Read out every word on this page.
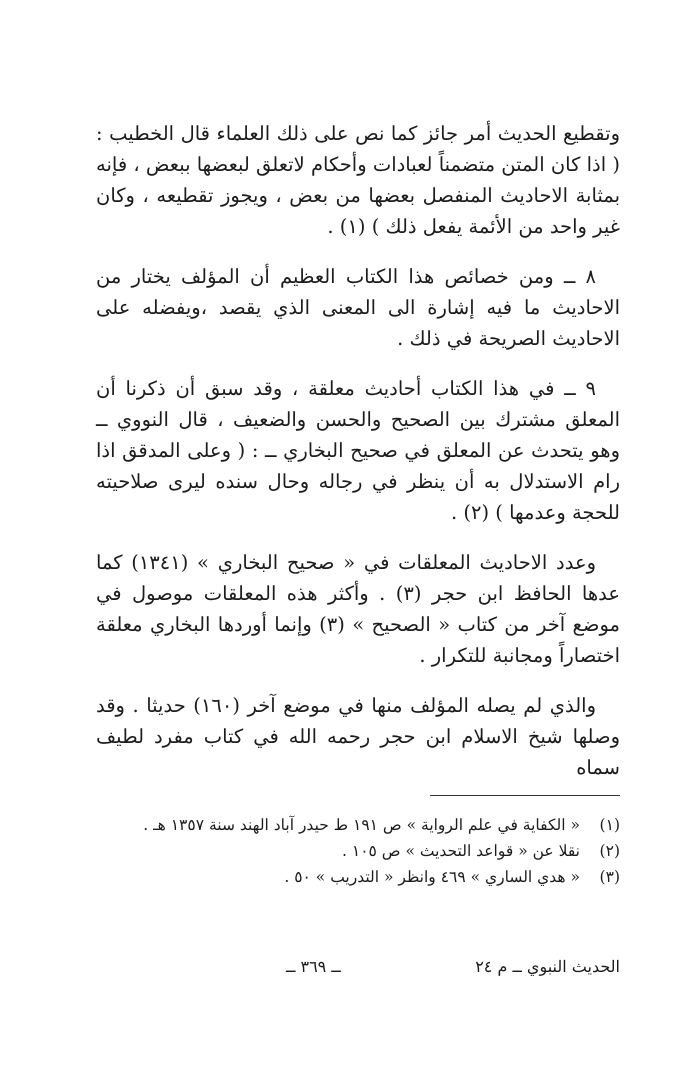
وتقطيع الحديث أمر جائز كما نص على ذلك العلماء قال الخطيب : ( اذا كان المتن متضمناً لعبادات وأحكام لاتعلق لبعضها ببعض ، فإنه بمثابة الاحاديث المنفصل بعضها من بعض ، ويجوز تقطيعه ، وكان غير واحد من الأئمة يفعل ذلك ) (١) .

٨ ــ ومن خصائص هذا الكتاب العظيم أن المؤلف يختار من الاحاديث ما فيه إشارة الى المعنى الذي يقصد ،ويفضله على الاحاديث الصريحة في ذلك .

٩ ــ في هذا الكتاب أحاديث معلقة ، وقد سبق أن ذكرنا أن المعلق مشترك بين الصحيح والحسن والضعيف ، قال النووي ــ وهو يتحدث عن المعلق في صحيح البخاري ــ : ( وعلى المدقق اذا رام الاستدلال به أن ينظر في رجاله وحال سنده ليرى صلاحيته للحجة وعدمها ) (٢) .

وعدد الاحاديث المعلقات في « صحيح البخاري » (١٣٤١) كما عدها الحافظ ابن حجر (٣) . وأكثر هذه المعلقات موصول في موضع آخر من كتاب « الصحيح » (٣) وإنما أوردها البخاري معلقة اختصاراً ومجانبة للتكرار .

والذي لم يصله المؤلف منها في موضع آخر (١٦٠) حديثا . وقد وصلها شيخ الاسلام ابن حجر رحمه الله في كتاب مفرد لطيف سماه

(١)
« الكفاية في علم الرواية » ص ١٩١ ط حيدر آباد الهند سنة ١٣٥٧ هـ .

(٢)
نقلا عن « قواعد التحديث » ص ١٠٥ .

(٣)
« هدي الساري » ٤٦٩ وانظر « التدريب » ٥٠ .

الحديث النبوي ــ م ٢٤
ــ ٣٦٩ ــ
